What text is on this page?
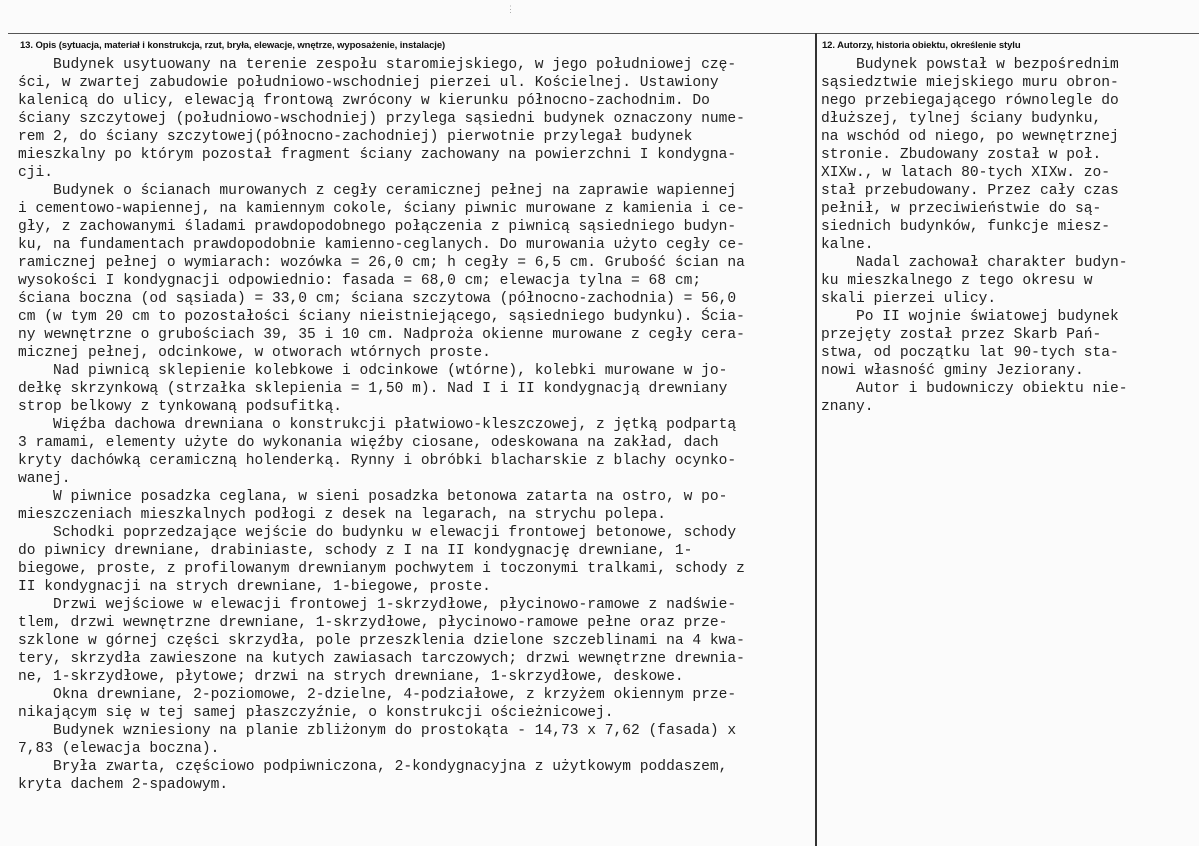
⋮
13. Opis (sytuacja, materiał i konstrukcja, rzut, bryła, elewacje, wnętrze, wyposażenie, instalacje)	12. Autorzy, historia obiektu, określenie stylu
Budynek usytuowany na terenie zespołu staromiejskiego, w jego południowej czę-
ści, w zwartej zabudowie południowo-wschodniej pierzei ul. Kościelnej. Ustawiony
kalenicą do ulicy, elewacją frontową zwrócony w kierunku północno-zachodnim. Do
ściany szczytowej (południowo-wschodniej) przylega sąsiedni budynek oznaczony nume-
rem 2, do ściany szczytowej(północno-zachodniej) pierwotnie przylegał budynek
mieszkalny po którym pozostał fragment ściany zachowany na powierzchni I kondygna-
cji.
Budynek o ścianach murowanych z cegły ceramicznej pełnej na zaprawie wapiennej
i cementowo-wapiennej, na kamiennym cokole, ściany piwnic murowane z kamienia i ce-
gły, z zachowanymi śladami prawdopodobnego połączenia z piwnicą sąsiedniego budyn-
ku, na fundamentach prawdopodobnie kamienno-ceglanych. Do murowania użyto cegły ce-
ramicznej pełnej o wymiarach: wozówka = 26,0 cm; h cegły = 6,5 cm. Grubość ścian na
wysokości I kondygnacji odpowiednio: fasada = 68,0 cm; elewacja tylna = 68 cm;
ściana boczna (od sąsiada) = 33,0 cm; ściana szczytowa (północno-zachodnia) = 56,0
cm (w tym 20 cm to pozostałości ściany nieistniejącego, sąsiedniego budynku). Ścia-
ny wewnętrzne o grubościach 39, 35 i 10 cm. Nadproża okienne murowane z cegły cera-
micznej pełnej, odcinkowe, w otworach wtórnych proste.
Nad piwnicą sklepienie kolebkowe i odcinkowe (wtórne), kolebki murowane w jo-
dełkę skrzynkową (strzałka sklepienia = 1,50 m). Nad I i II kondygnacją drewniany
strop belkowy z tynkowaną podsufitką.
Więźba dachowa drewniana o konstrukcji płatwiowo-kleszczowej, z jętką podpartą
3 ramami, elementy użyte do wykonania więźby ciosane, odeskowana na zakład, dach
kryty dachówką ceramiczną holenderką. Rynny i obróbki blacharskie z blachy ocynko-
wanej.
W piwnice posadzka ceglana, w sieni posadzka betonowa zatarta na ostro, w po-
mieszczeniach mieszkalnych podłogi z desek na legarach, na strychu polepa.
Schodki poprzedzające wejście do budynku w elewacji frontowej betonowe, schody
do piwnicy drewniane, drabiniaste, schody z I na II kondygnację drewniane, 1-
biegowe, proste, z profilowanym drewnianym pochwytem i toczonymi tralkami, schody z
II kondygnacji na strych drewniane, 1-biegowe, proste.
Drzwi wejściowe w elewacji frontowej 1-skrzydłowe, płycinowo-ramowe z nadświe-
tlem, drzwi wewnętrzne drewniane, 1-skrzydłowe, płycinowo-ramowe pełne oraz prze-
szklone w górnej części skrzydła, pole przeszklenia dzielone szczeblinami na 4 kwa-
tery, skrzydła zawieszone na kutych zawiasach tarczowych; drzwi wewnętrzne drewnia-
ne, 1-skrzydłowe, płytowe; drzwi na strych drewniane, 1-skrzydłowe, deskowe.
Okna drewniane, 2-poziomowe, 2-dzielne, 4-podziałowe, z krzyżem okiennym prze-
nikającym się w tej samej płaszczyźnie, o konstrukcji ościeżnicowej.
Budynek wzniesiony na planie zbliżonym do prostokąta - 14,73 x 7,62 (fasada) x
7,83 (elewacja boczna).
Bryła zwarta, częściowo podpiwniczona, 2-kondygnacyjna z użytkowym poddaszem,
kryta dachem 2-spadowym.
Budynek powstał w bezpośrednim
sąsiedztwie miejskiego muru obron-
nego przebiegającego równolegle do
dłuższej, tylnej ściany budynku,
na wschód od niego, po wewnętrznej
stronie. Zbudowany został w poł.
XIXw., w latach 80-tych XIXw. zo-
stał przebudowany. Przez cały czas
pełnił, w przeciwieństwie do są-
siednich budynków, funkcje miesz-
kalne.
Nadal zachował charakter budyn-
ku mieszkalnego z tego okresu w
skali pierzei ulicy.
Po II wojnie światowej budynek
przejęty został przez Skarb Pań-
stwa, od początku lat 90-tych sta-
nowi własność gminy Jeziorany.
Autor i budowniczy obiektu nie-
znany.
